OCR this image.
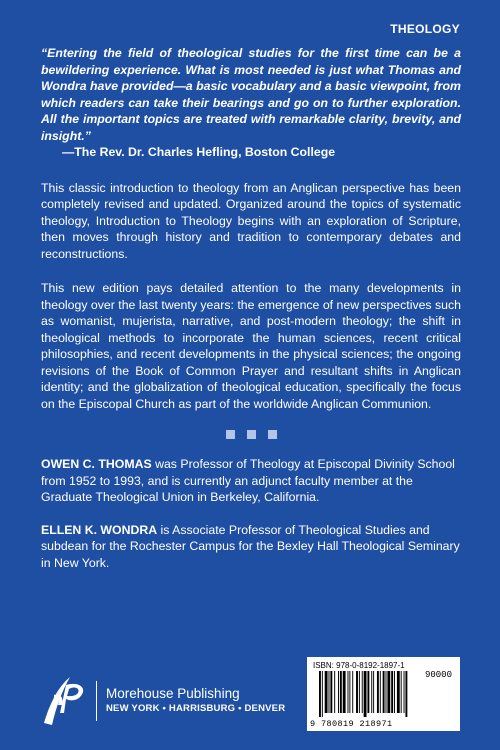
THEOLOGY

“Entering the field of theological studies for the first time can be a bewildering experience. What is most needed is just what Thomas and Wondra have provided—a basic vocabulary and a basic viewpoint, from which readers can take their bearings and go on to further exploration. All the important topics are treated with remarkable clarity, brevity, and insight.”

—The Rev. Dr. Charles Hefling, Boston College

This classic introduction to theology from an Anglican perspective has been completely revised and updated. Organized around the topics of systematic theology, Introduction to Theology begins with an exploration of Scripture, then moves through history and tradition to contemporary debates and reconstructions.

This new edition pays detailed attention to the many developments in theology over the last twenty years: the emergence of new perspectives such as womanist, mujerista, narrative, and post-modern theology; the shift in theological methods to incorporate the human sciences, recent critical philosophies, and recent developments in the physical sciences; the ongoing revisions of the Book of Common Prayer and resultant shifts in Anglican identity; and the globalization of theological education, specifically the focus on the Episcopal Church as part of the worldwide Anglican Communion.

OWEN C. THOMAS was Professor of Theology at Episcopal Divinity School from 1952 to 1993, and is currently an adjunct faculty member at the Graduate Theological Union in Berkeley, California.

ELLEN K. WONDRA is Associate Professor of Theological Studies and subdean for the Rochester Campus for the Bexley Hall Theological Seminary in New York.

Morehouse Publishing
NEW YORK • HARRISBURG • DENVER
ISBN: 978-0-8192-1897-1
90000
9 780819 218971
